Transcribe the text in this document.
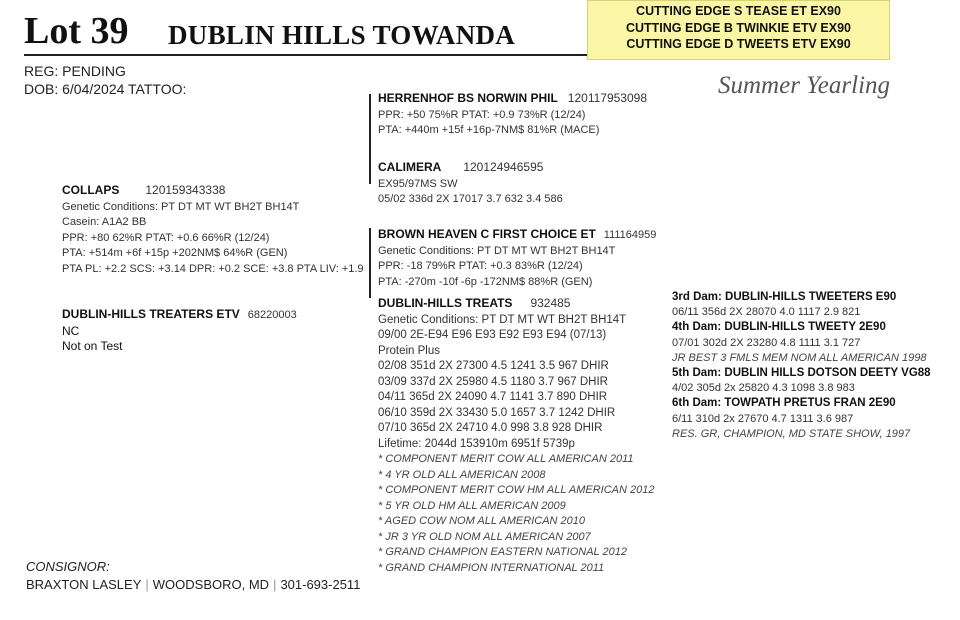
Lot 39 DUBLIN HILLS TOWANDA
CUTTING EDGE S TEASE ET EX90
CUTTING EDGE B TWINKIE ETV EX90
CUTTING EDGE D TWEETS ETV EX90
Summer Yearling
REG: PENDING
DOB: 6/04/2024 TATTOO:
HERRENHOF BS NORWIN PHIL 120117953098
PPR: +50 75%R PTAT: +0.9 73%R (12/24)
PTA: +440m +15f +16p-7NM$ 81%R (MACE)
CALIMERA 120124946595
EX95/97MS SW
05/02 336d 2X 17017 3.7 632 3.4 586
COLLAPS 120159343338
Genetic Conditions: PT DT MT WT BH2T BH14T
Casein: A1A2 BB
PPR: +80 62%R PTAT: +0.6 66%R (12/24)
PTA: +514m +6f +15p +202NM$ 64%R (GEN)
PTA PL: +2.2 SCS: +3.14 DPR: +0.2 SCE: +3.8 PTA LIV: +1.9
BROWN HEAVEN C FIRST CHOICE ET 111164959
Genetic Conditions: PT DT MT WT BH2T BH14T
PPR: -18 79%R PTAT: +0.3 83%R (12/24)
PTA: -270m -10f -6p -172NM$ 88%R (GEN)
DUBLIN-HILLS TREATERS ETV 68220003
NC
Not on Test
DUBLIN-HILLS TREATS 932485
Genetic Conditions: PT DT MT WT BH2T BH14T
09/00 2E-E94 E96 E93 E92 E93 E94 (07/13)
Protein Plus
02/08 351d 2X 27300 4.5 1241 3.5 967 DHIR
03/09 337d 2X 25980 4.5 1180 3.7 967 DHIR
04/11 365d 2X 24090 4.7 1141 3.7 890 DHIR
06/10 359d 2X 33430 5.0 1657 3.7 1242 DHIR
07/10 365d 2X 24710 4.0 998 3.8 928 DHIR
Lifetime: 2044d 153910m 6951f 5739p
* COMPONENT MERIT COW ALL AMERICAN 2011
* 4 YR OLD ALL AMERICAN 2008
* COMPONENT MERIT COW HM ALL AMERICAN 2012
* 5 YR OLD HM ALL AMERICAN 2009
* AGED COW NOM ALL AMERICAN 2010
* JR 3 YR OLD NOM ALL AMERICAN 2007
* GRAND CHAMPION EASTERN NATIONAL 2012
* GRAND CHAMPION INTERNATIONAL 2011
3rd Dam: DUBLIN-HILLS TWEETERS E90
06/11 356d 2X 28070 4.0 1117 2.9 821
4th Dam: DUBLIN-HILLS TWEETY 2E90
07/01 302d 2X 23280 4.8 1111 3.1 727
JR BEST 3 FMLS MEM NOM ALL AMERICAN 1998
5th Dam: DUBLIN HILLS DOTSON DEETY VG88
4/02 305d 2x 25820 4.3 1098 3.8 983
6th Dam: TOWPATH PRETUS FRAN 2E90
6/11 310d 2x 27670 4.7 1311 3.6 987
RES. GR, CHAMPION, MD STATE SHOW, 1997
CONSIGNOR:
BRAXTON LASLEY | WOODSBORO, MD | 301-693-2511
